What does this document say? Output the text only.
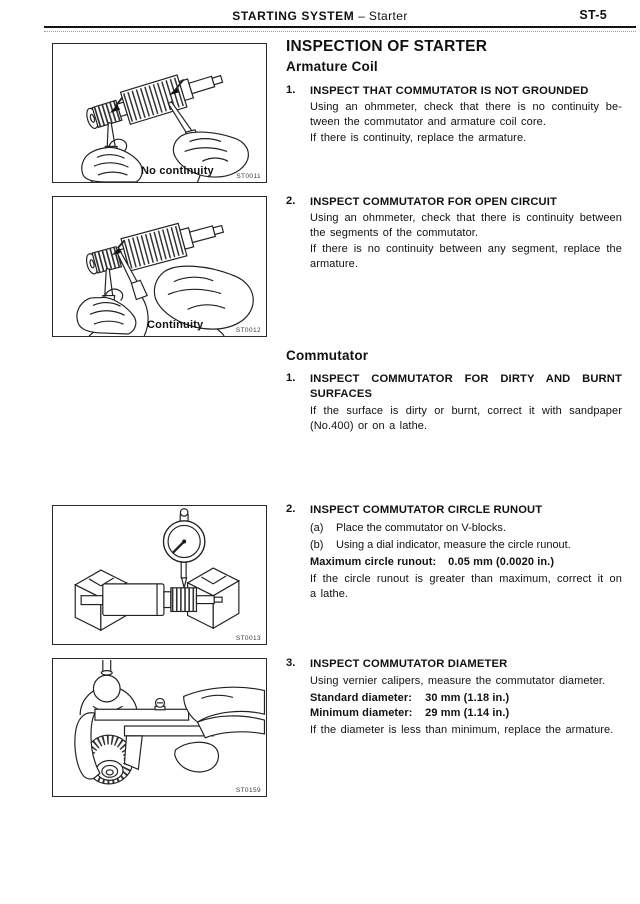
STARTING SYSTEM – Starter	ST-5
No continuity	ST0011
Continuity	ST0012
ST0013
ST0159
INSPECTION OF STARTER
Armature Coil
1. INSPECT THAT COMMUTATOR IS NOT GROUNDED
Using an ohmmeter, check that there is no continuity be-
tween the commutator and armature coil core.
If there is continuity, replace the armature.
2. INSPECT COMMUTATOR FOR OPEN CIRCUIT
Using an ohmmeter, check that there is continuity between
the segments of the commutator.
If there is no continuity between any segment, replace the
armature.
Commutator
1. INSPECT COMMUTATOR FOR DIRTY AND BURNT
SURFACES
If the surface is dirty or burnt, correct it with sandpaper
(No.400) or on a lathe.
2. INSPECT COMMUTATOR CIRCLE RUNOUT
(a)	Place the commutator on V-blocks.
(b)	Using a dial indicator, measure the circle runout.
Maximum circle runout: 0.05 mm (0.0020 in.)
If the circle runout is greater than maximum, correct it on
a lathe.
3. INSPECT COMMUTATOR DIAMETER
Using vernier calipers, measure the commutator diameter.
Standard diameter: 30 mm (1.18 in.)
Minimum diameter: 29 mm (1.14 in.)
If the diameter is less than minimum, replace the armature.
